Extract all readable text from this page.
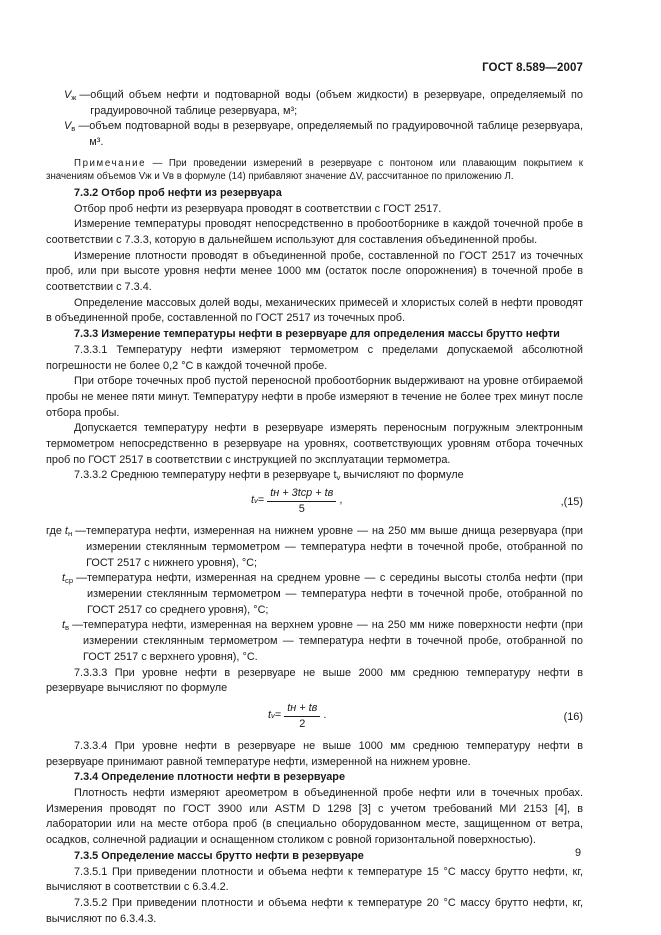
ГОСТ 8.589—2007
$V_ж$ — общий объем нефти и подтоварной воды (объем жидкости) в резервуаре, определяемый по градуировочной таблице резервуара, м³;
$V_в$ — объем подтоварной воды в резервуаре, определяемый по градуировочной таблице резервуара, м³.

Примечание — При проведении измерений в резервуаре с понтоном или плавающим покрытием к значениям объемов Vж и Vв в формуле (14) прибавляют значение ΔV, рассчитанное по приложению Л.

7.3.2 Отбор проб нефти из резервуара

Отбор проб нефти из резервуара проводят в соответствии с ГОСТ 2517.

Измерение температуры проводят непосредственно в пробоотборнике в каждой точечной пробе в соответствии с 7.3.3, которую в дальнейшем используют для составления объединенной пробы.

Измерение плотности проводят в объединенной пробе, составленной по ГОСТ 2517 из точечных проб, или при высоте уровня нефти менее 1000 мм (остаток после опорожнения) в точечной пробе в соответствии с 7.3.4.

Определение массовых долей воды, механических примесей и хлористых солей в нефти проводят в объединенной пробе, составленной по ГОСТ 2517 из точечных проб.

7.3.3 Измерение температуры нефти в резервуаре для определения массы брутто нефти

7.3.3.1 Температуру нефти измеряют термометром с пределами допускаемой абсолютной погрешности не более 0,2 °С в каждой точечной пробе.

При отборе точечных проб пустой переносной пробоотборник выдерживают на уровне отбираемой пробы не менее пяти минут. Температуру нефти в пробе измеряют в течение не более трех минут после отбора пробы.

Допускается температуру нефти в резервуаре измерять переносным погружным электронным термометром непосредственно в резервуаре на уровнях, соответствующих уровням отбора точечных проб по ГОСТ 2517 в соответствии с инструкцией по эксплуатации термометра.

7.3.3.2 Среднюю температуру нефти в резервуаре $t_v$ вычисляют по формуле

t $v = \frac{\text{tн + 3tср + tв}}{5}$ ,	,(15)
где $t_н$ — температура нефти, измеренная на нижнем уровне — на 250 мм выше днища резервуара (при измерении стеклянным термометром — температура нефти в точечной пробе, отобранной по ГОСТ 2517 с нижнего уровня), °С;
$t_{ср}$ — температура нефти, измеренная на среднем уровне — с середины высоты столба нефти (при измерении стеклянным термометром — температура нефти в точечной пробе, отобранной по ГОСТ 2517 со среднего уровня), °С;
$t_в$ — температура нефти, измеренная на верхнем уровне — на 250 мм ниже поверхности нефти (при измерении стеклянным термометром — температура нефти в точечной пробе, отобранной по ГОСТ 2517 с верхнего уровня), °С.

7.3.3.3 При уровне нефти в резервуаре не выше 2000 мм среднюю температуру нефти в резервуаре вычисляют по формуле

t $v = \frac{tн + tв}{2}$ .	(16)

7.3.3.4 При уровне нефти в резервуаре не выше 1000 мм среднюю температуру нефти в резервуаре принимают равной температуре нефти, измеренной на нижнем уровне.

7.3.4 Определение плотности нефти в резервуаре

Плотность нефти измеряют ареометром в объединенной пробе нефти или в точечных пробах. Измерения проводят по ГОСТ 3900 или ASTM D 1298 [3] с учетом требований МИ 2153 [4], в лаборатории или на месте отбора проб (в специально оборудованном месте, защищенном от ветра, осадков, солнечной радиации и оснащенном столиком с ровной горизонтальной поверхностью).

7.3.5 Определение массы брутто нефти в резервуаре

7.3.5.1 При приведении плотности и объема нефти к температуре 15 °С массу брутто нефти, кг, вычисляют в соответствии с 6.3.4.2.

7.3.5.2 При приведении плотности и объема нефти к температуре 20 °С массу брутто нефти, кг, вычисляют по 6.3.4.3.

9
